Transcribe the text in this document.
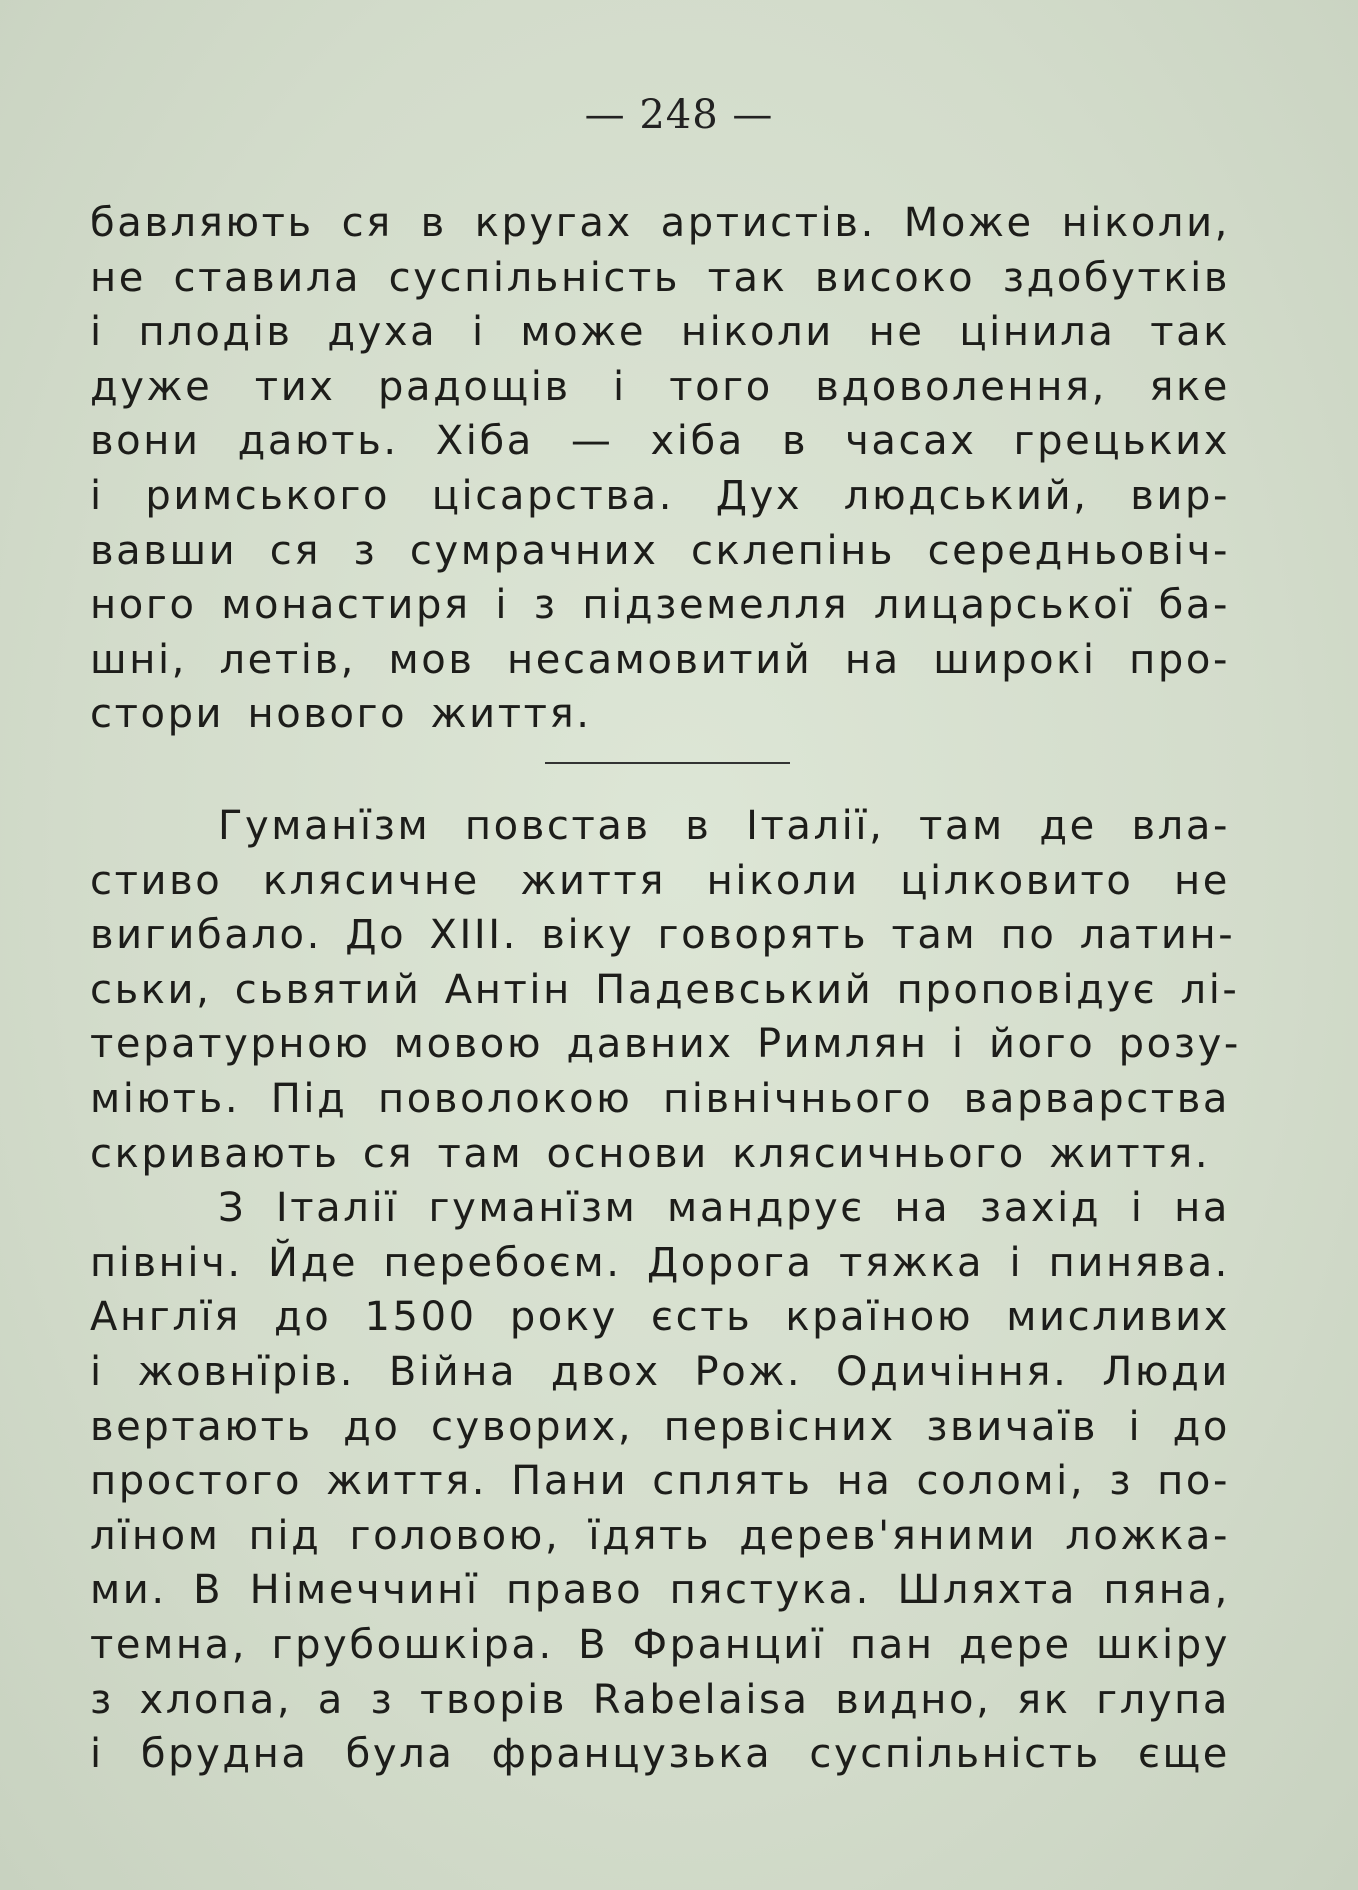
— 248 —
бавляють ся в кругах артистів. Може ніколи,
не ставила суспільність так високо здобутків
і плодів духа і може ніколи не цінила так
дуже тих радощів і того вдоволення, яке
вони дають. Хіба — хіба в часах грецьких
і римського цісарства. Дух людський, вир-
вавши ся з сумрачних склепінь середньовіч-
ного монастиря і з підземелля лицарської ба-
шні, летів, мов несамовитий на широкі про-
стори нового життя.
Гуманїзм повстав в Італії, там де вла-
стиво клясичне життя ніколи цілковито не
вигибало. До XIII. віку говорять там по латин-
ськи, сьвятий Антін Падевський проповідує лі-
тературною мовою давних Римлян і його розу-
міють. Під поволокою північнього варварства
скривають ся там основи клясичнього життя.
З Італії гуманїзм мандрує на захід і на
північ. Йде перебоєм. Дорога тяжка і пинява.
Англїя до 1500 року єсть країною мисливих
і жовнїрів. Війна двох Рож. Одичіння. Люди
вертають до суворих, первісних звичаїв і до
простого життя. Пани сплять на соломі, з по-
лїном під головою, їдять дерев'яними ложка-
ми. В Німеччинї право пястука. Шляхта пяна,
темна, грубошкіра. В Франциї пан дере шкіру
з хлопа, а з творів Rabelaisa видно, як глупа
і брудна була французька суспільність єще
